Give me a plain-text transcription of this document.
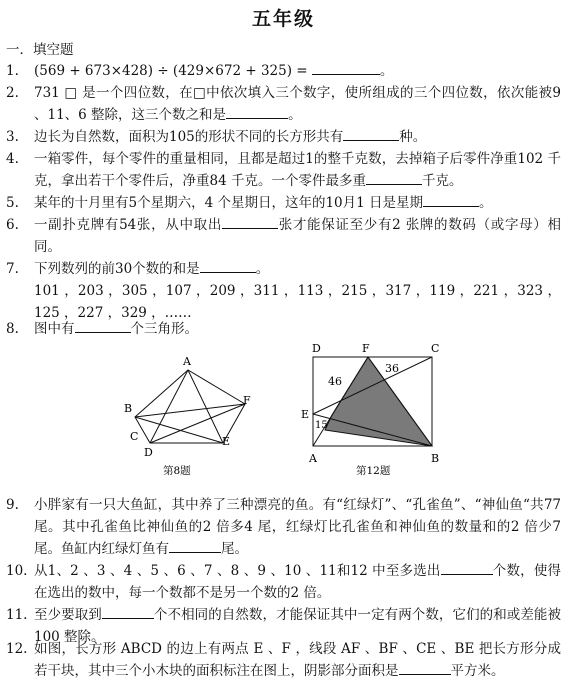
五年级
一．填空题
1.	(569 + 673×428) ÷ (429×672 + 325) =	。
2.	731 □ 是一个四位数，在□中依次填入三个数字，使所组成的三个四位数，依次能被9 、11、6 整除，这三个数之和是	。
3.	边长为自然数，面积为105的形状不同的长方形共有	种。
4.	一箱零件，每个零件的重量相同，且都是超过1的整千克数，去掉箱子后零件净重102 千克，拿出若干个零件后，净重84 千克。一个零件最多重	千克。
5.	某年的十月里有5个星期六，4 个星期日，这年的10月1 日是星期	。
6.	一副扑克牌有54张，从中取出	张才能保证至少有2 张牌的数码（或字母）相同。
7.	下列数列的前30个数的和是	。
101 ，203 ，305 ，107 ，209 ，311 ，113 ，215 ，317 ，119 ，221 ，323 ，125 ，227 ，329 ，……
8.	图中有	个三角形。
A
B
C
D
E
F
第8题
D	F	C
E
A	B
46
36
15
第12题
9.	小胖家有一只大鱼缸，其中养了三种漂亮的鱼。有“红绿灯”、“孔雀鱼”、“神仙鱼“共77 尾。其中孔雀鱼比神仙鱼的2 倍多4 尾，红绿灯比孔雀鱼和神仙鱼的数量和的2 倍少7 尾。鱼缸内红绿灯鱼有	尾。
10. 从1、2 、3 、4 、5 、6 、7 、8 、9 、10 、11和12 中至多选出	个数，使得在选出的数中，每一个数都不是另一个数的2 倍。
11. 至少要取到	个不相同的自然数，才能保证其中一定有两个数，它们的和或差能被100 整除。
12. 如图，长方形 ABCD 的边上有两点 E 、F ，线段 AF 、BF 、CE 、BE 把长方形分成若干块，其中三个小木块的面积标注在图上，阴影部分面积是	平方米。
